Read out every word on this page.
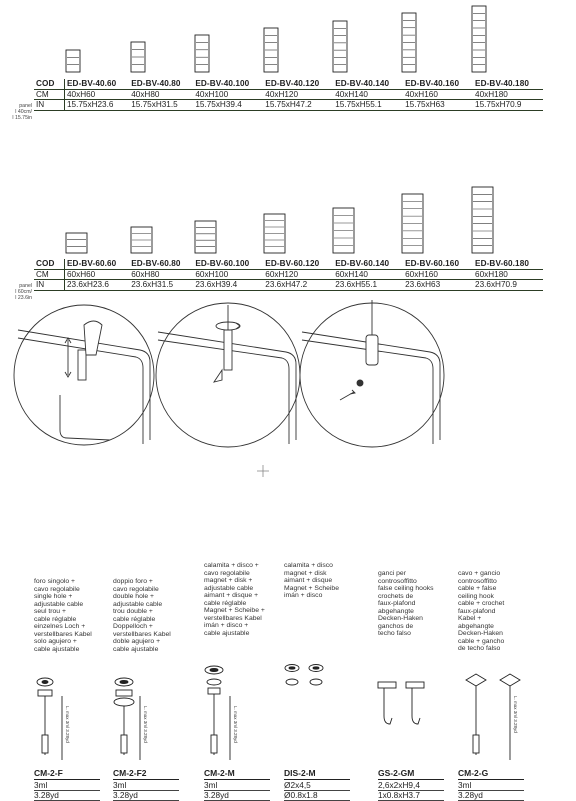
L. max 3ml 3.28yd
L. max 3ml 3.28yd
L. max 3ml 3.28yd
L. max 3ml 3.28yd
panel
l 40cm/
l 15.75in
COD	ED-BV-40.60	ED-BV-40.80	ED-BV-40.100	ED-BV-40.120	ED-BV-40.140	ED-BV-40.160	ED-BV-40.180
CM	40xH60	40xH80	40xH100	40xH120	40xH140	40xH160	40xH180
IN	15.75xH23.6	15.75xH31.5	15.75xH39.4	15.75xH47.2	15.75xH55.1	15.75xH63	15.75xH70.9
panel
l 60cm/
l 23.6in
COD	ED-BV-60.60	ED-BV-60.80	ED-BV-60.100	ED-BV-60.120	ED-BV-60.140	ED-BV-60.160	ED-BV-60.180
CM	60xH60	60xH80	60xH100	60xH120	60xH140	60xH160	60xH180
IN	23.6xH23.6	23.6xH31.5	23.6xH39.4	23.6xH47.2	23.6xH55.1	23.6xH63	23.6xH70.9
foro singolo +
cavo regolabile
single hole +
adjustable cable
seul trou +
cable réglable
einzelnes Loch +
verstellbares Kabel
solo agujero +
cable ajustable
CM-2-F
3ml
3.28yd
doppio foro +
cavo regolabile
double hole +
adjustable cable
trou double +
cable réglable
Doppelloch +
verstellbares Kabel
doble agujero +
cable ajustable
CM-2-F2
3ml
3.28yd
calamita + disco +
cavo regolabile
magnet + disk +
adjustable cable
aimant + disque +
cable réglable
Magnet + Scheibe +
verstellbares Kabel
imán + disco +
cable ajustable
CM-2-M
3ml
3.28yd
calamita + disco
magnet + disk
aimant + disque
Magnet + Scheibe
imán + disco
DIS-2-M
Ø2x4,5
Ø0.8x1.8
ganci per
controsoffitto
false ceiling hooks
crochets de
faux-plafond
abgehangte
Decken-Haken
ganchos de
techo falso
GS-2-GM
2,6x2xH9,4
1x0.8xH3.7
cavo + gancio
controsoffitto
cable + false
ceiling hook
cable + crochet
faux-plafond
Kabel +
abgehangte
Decken-Haken
cable + gancho
de techo falso
CM-2-G
3ml
3.28yd
